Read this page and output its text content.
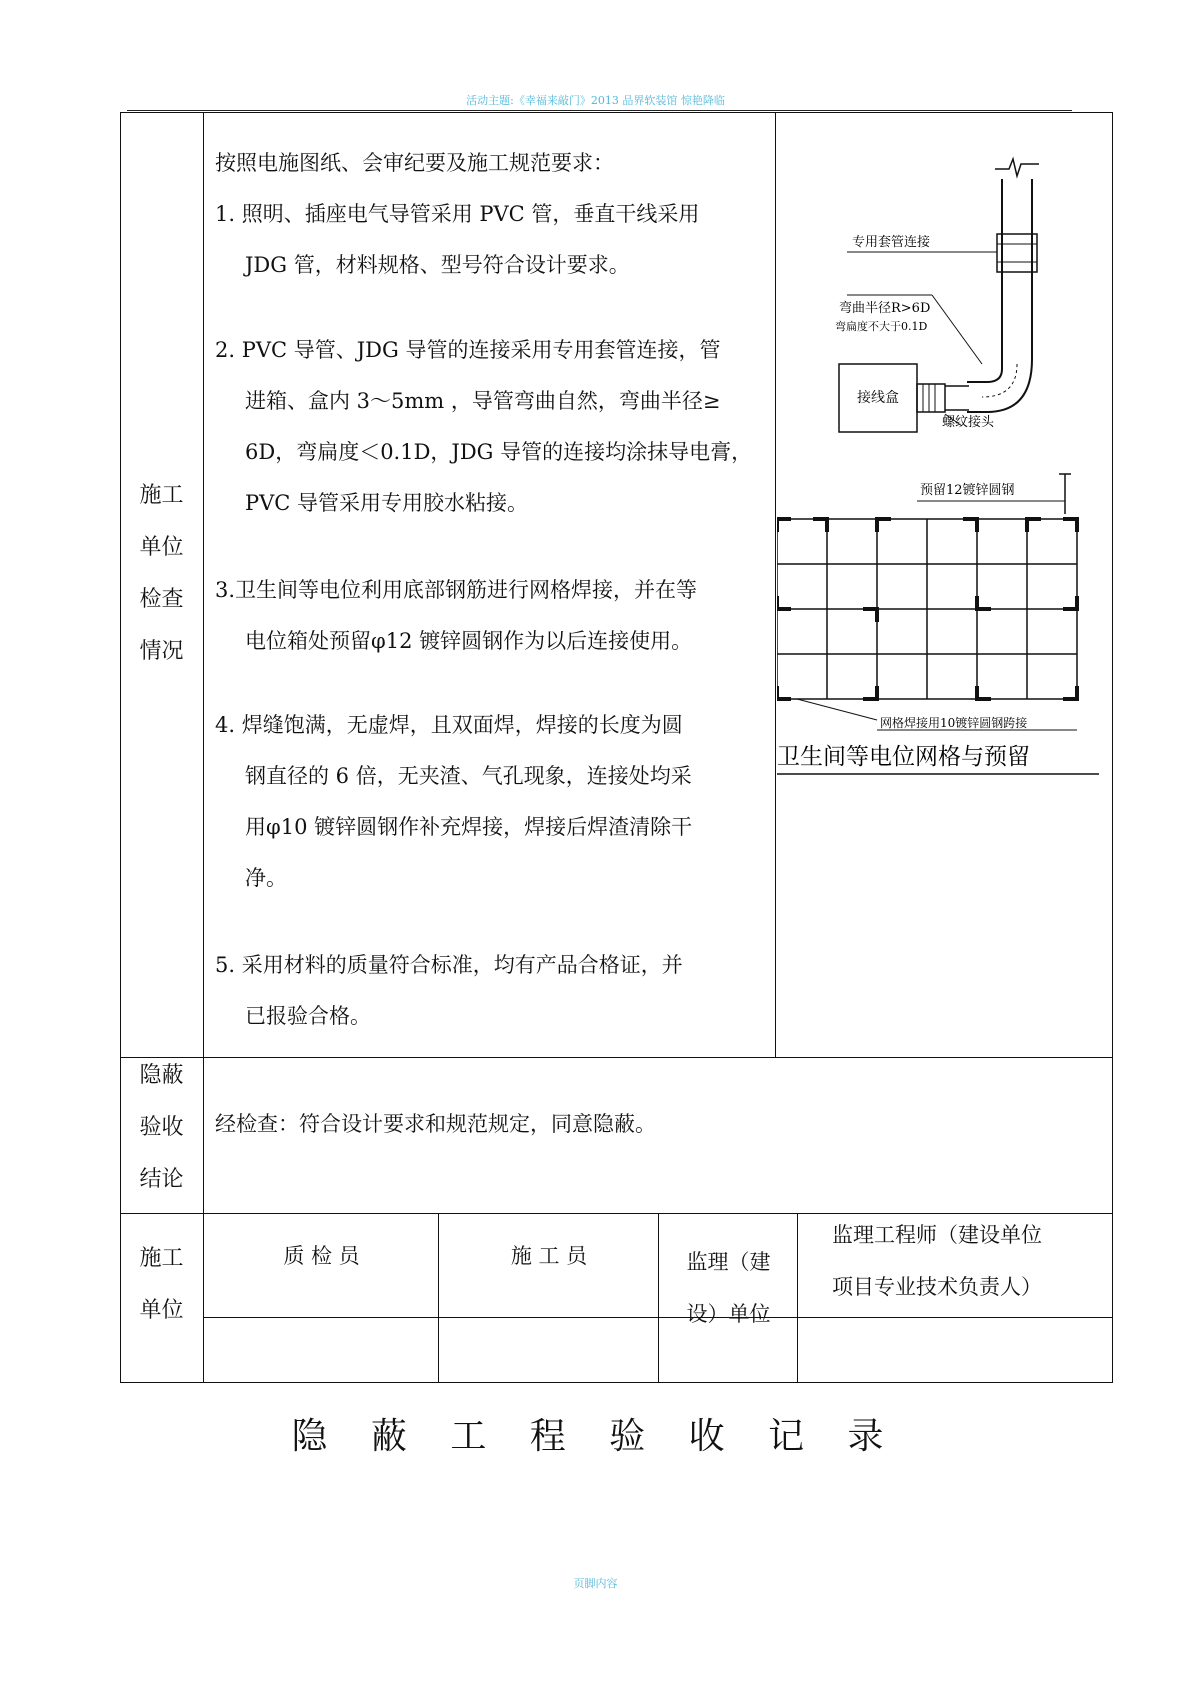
活动主题:《幸福来敲门》2013 品界软装馆 惊艳降临
施工
单位
检查
情况
按照电施图纸、会审纪要及施工规范要求：
1. 照明、插座电气导管采用 PVC 管，垂直干线采用
JDG 管，材料规格、型号符合设计要求。
2. PVC 导管、JDG 导管的连接采用专用套管连接，管
进箱、盒内 3～5mm ，导管弯曲自然，弯曲半径≥
6D，弯扁度＜0.1D，JDG 导管的连接均涂抹导电膏，
PVC 导管采用专用胶水粘接。
3.卫生间等电位利用底部钢筋进行网格焊接，并在等
电位箱处预留φ12 镀锌圆钢作为以后连接使用。
4. 焊缝饱满，无虚焊，且双面焊，焊接的长度为圆
钢直径的 6 倍，无夹渣、气孔现象，连接处均采
用φ10 镀锌圆钢作补充焊接，焊接后焊渣清除干
净。
5. 采用材料的质量符合标准，均有产品合格证，并
已报验合格。
接线盒
专用套管连接
弯曲半径R>6D
弯扁度不大于0.1D
螺纹接头
预留12镀锌圆钢
网格焊接用10镀锌圆钢跨接
卫生间等电位网格与预留
隐蔽
验收
结论
经检查：符合设计要求和规范规定，同意隐蔽。
施工
单位
质 检 员	施 工 员	监理（建
设）单位
监理工程师（建设单位
项目专业技术负责人）
隐 蔽 工 程 验 收 记 录
页脚内容
